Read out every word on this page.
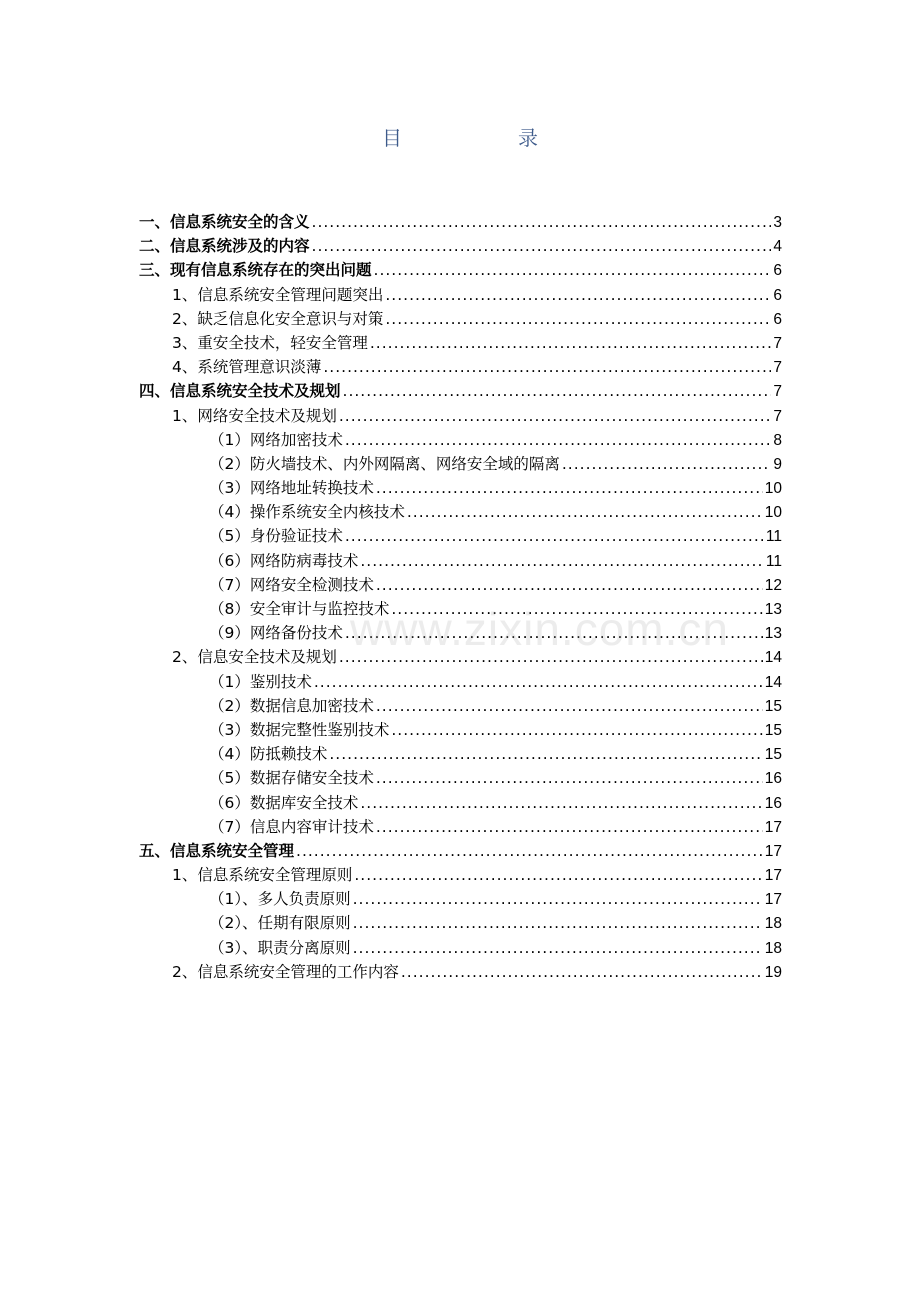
目　录
一、信息系统安全的含义 .....	3
二、信息系统涉及的内容 .....	4
三、现有信息系统存在的突出问题 .....	6
1、信息系统安全管理问题突出 .....	6
2、缺乏信息化安全意识与对策 .....	6
3、重安全技术，轻安全管理 .....	7
4、系统管理意识淡薄 .....	7
四、信息系统安全技术及规划 .....	7
1、网络安全技术及规划 .....	7
（1）网络加密技术 .....	8
（2）防火墙技术、内外网隔离、网络安全域的隔离 .....	9
（3）网络地址转换技术 .....	10
（4）操作系统安全内核技术 .....	10
（5）身份验证技术 .....	11
（6）网络防病毒技术 .....	11
（7）网络安全检测技术 .....	12
（8）安全审计与监控技术 .....	13
（9）网络备份技术 .....	13
2、信息安全技术及规划 .....	14
（1）鉴别技术 .....	14
（2）数据信息加密技术 .....	15
（3）数据完整性鉴别技术 .....	15
（4）防抵赖技术 .....	15
（5）数据存储安全技术 .....	16
（6）数据库安全技术 .....	16
（7）信息内容审计技术 .....	17
五、信息系统安全管理 .....	17
1、信息系统安全管理原则 .....	17
（1）、多人负责原则 .....	17
（2）、任期有限原则 .....	18
（3）、职责分离原则 .....	18
2、信息系统安全管理的工作内容 .....	19
www.zixin.com.cn
